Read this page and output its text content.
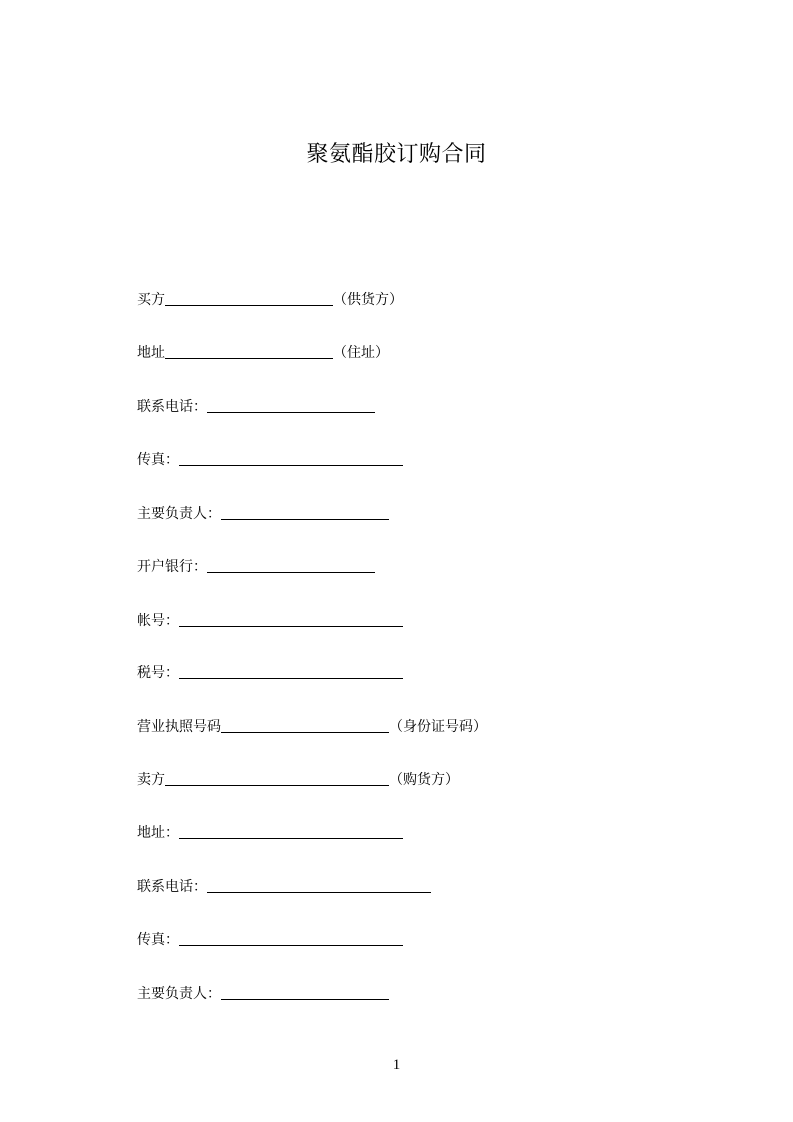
聚氨酯胶订购合同
买方	（供货方）
地址	（住址）
联系电话：
传真：
主要负责人：
开户银行：
帐号：
税号：
营业执照号码	（身份证号码）
卖方	（购货方）
地址：
联系电话：
传真：
主要负责人：
1
